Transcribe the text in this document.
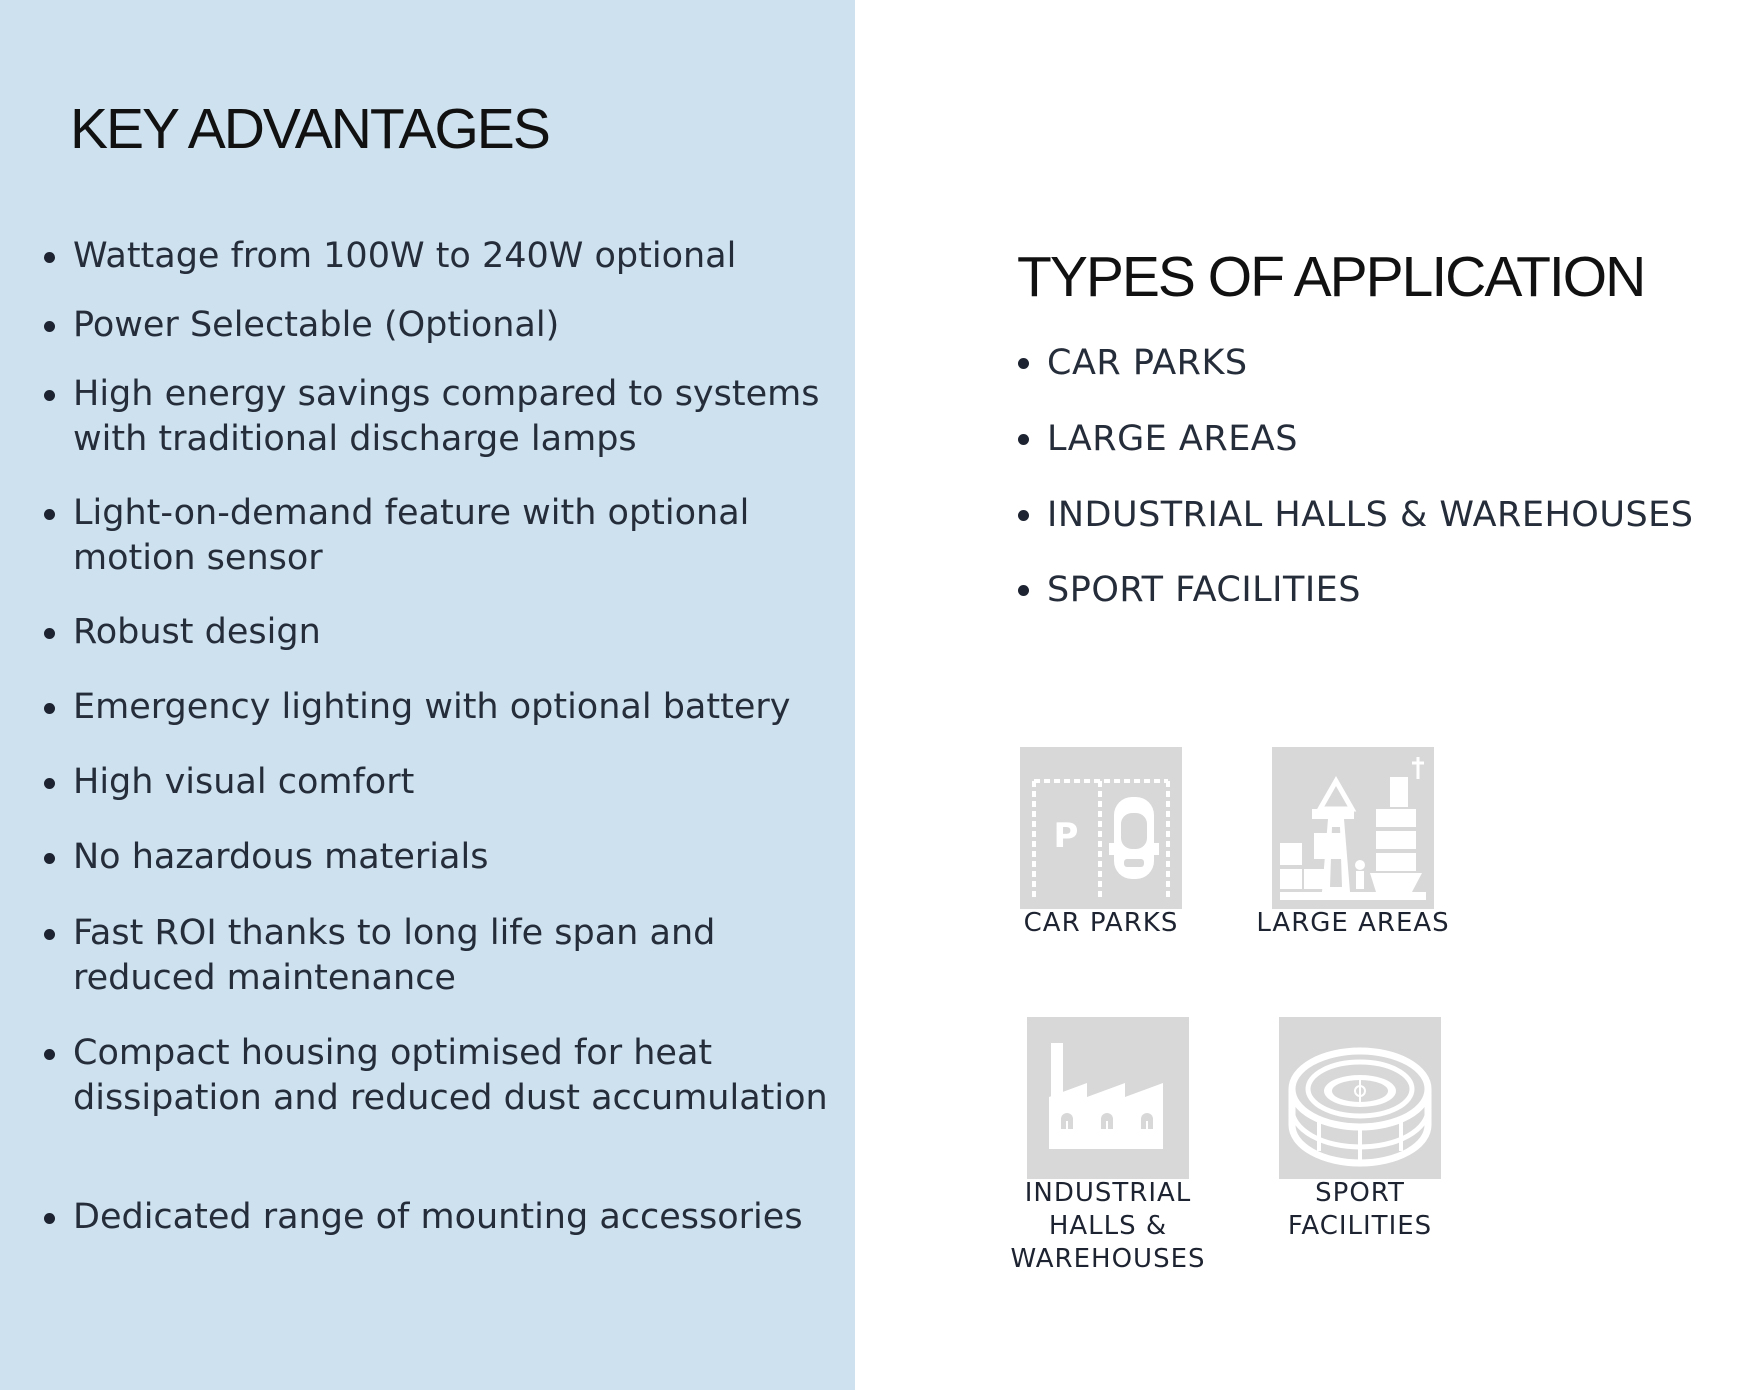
KEY ADVANTAGES
Wattage from 100W to 240W optional
Power Selectable (Optional)
High energy savings compared to systems with traditional discharge lamps
Light-on-demand feature with optional motion sensor
Robust design
Emergency lighting with optional battery
High visual comfort
No hazardous materials
Fast ROI thanks to long life span and reduced maintenance
Compact housing optimised for heat dissipation and reduced dust accumulation
Dedicated range of mounting accessories
TYPES OF APPLICATION
CAR PARKS
LARGE AREAS
INDUSTRIAL HALLS & WAREHOUSES
SPORT FACILITIES
P
CAR PARKS	LARGE AREAS
INDUSTRIAL
HALLS &
WAREHOUSES
SPORT
FACILITIES
